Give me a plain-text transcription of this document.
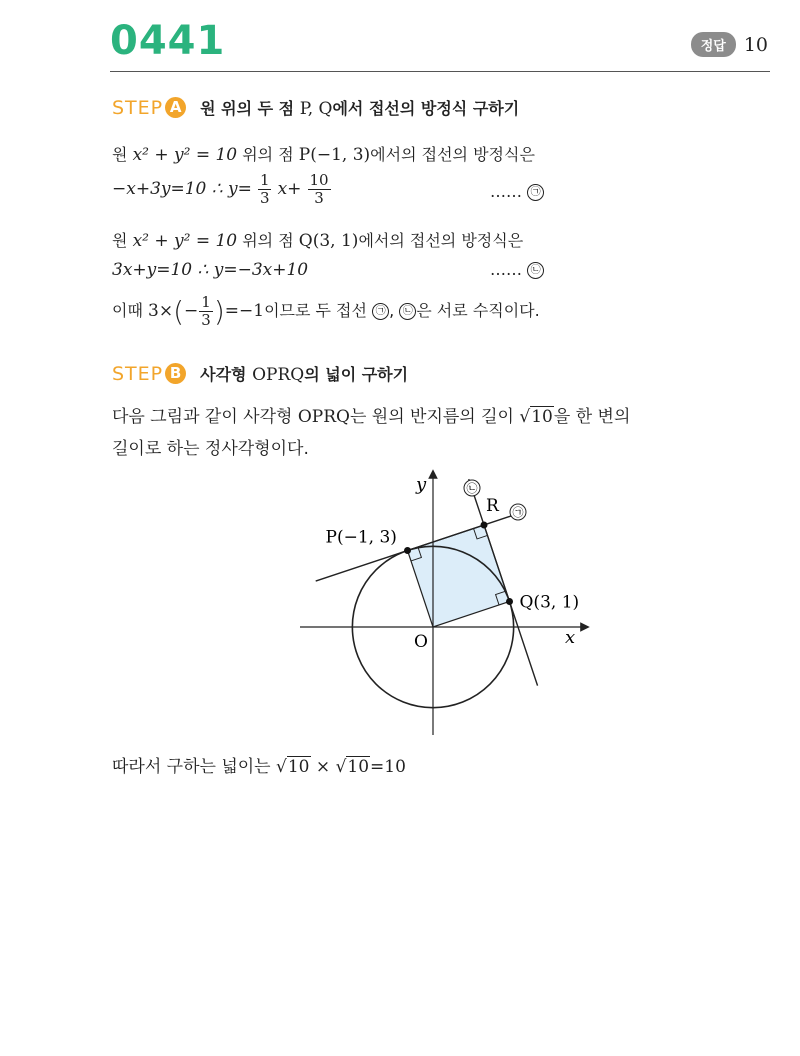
0441	정답 10
STEP A 원 위의 두 점 P, Q에서 접선의 방정식 구하기
원 x² + y² = 10 위의 점 P(−1, 3)에서의 접선의 방정식은
−x+3y=10 ∴ $y= \frac{1}{3} x+ \frac{10}{3}$	…… ㉠
원 x² + y² = 10 위의 점 Q(3, 1)에서의 접선의 방정식은
3x+y=10 ∴ y=−3x+10	…… ㉡
이때 $3\times(- \frac{1}{3} )=-1$이므로 두 접선 ㉠ , ㉡ 은 서로 수직이다.
STEP B 사각형 OPRQ의 넓이 구하기
다음 그림과 같이 사각형 OPRQ는 원의 반지름의 길이 √10을 한 변의
길이로 하는 정사각형이다.
y
x
O
P(−1, 3)
Q(3, 1)
R ㉠
㉡
따라서 구하는 넓이는 √10 × √10=10
